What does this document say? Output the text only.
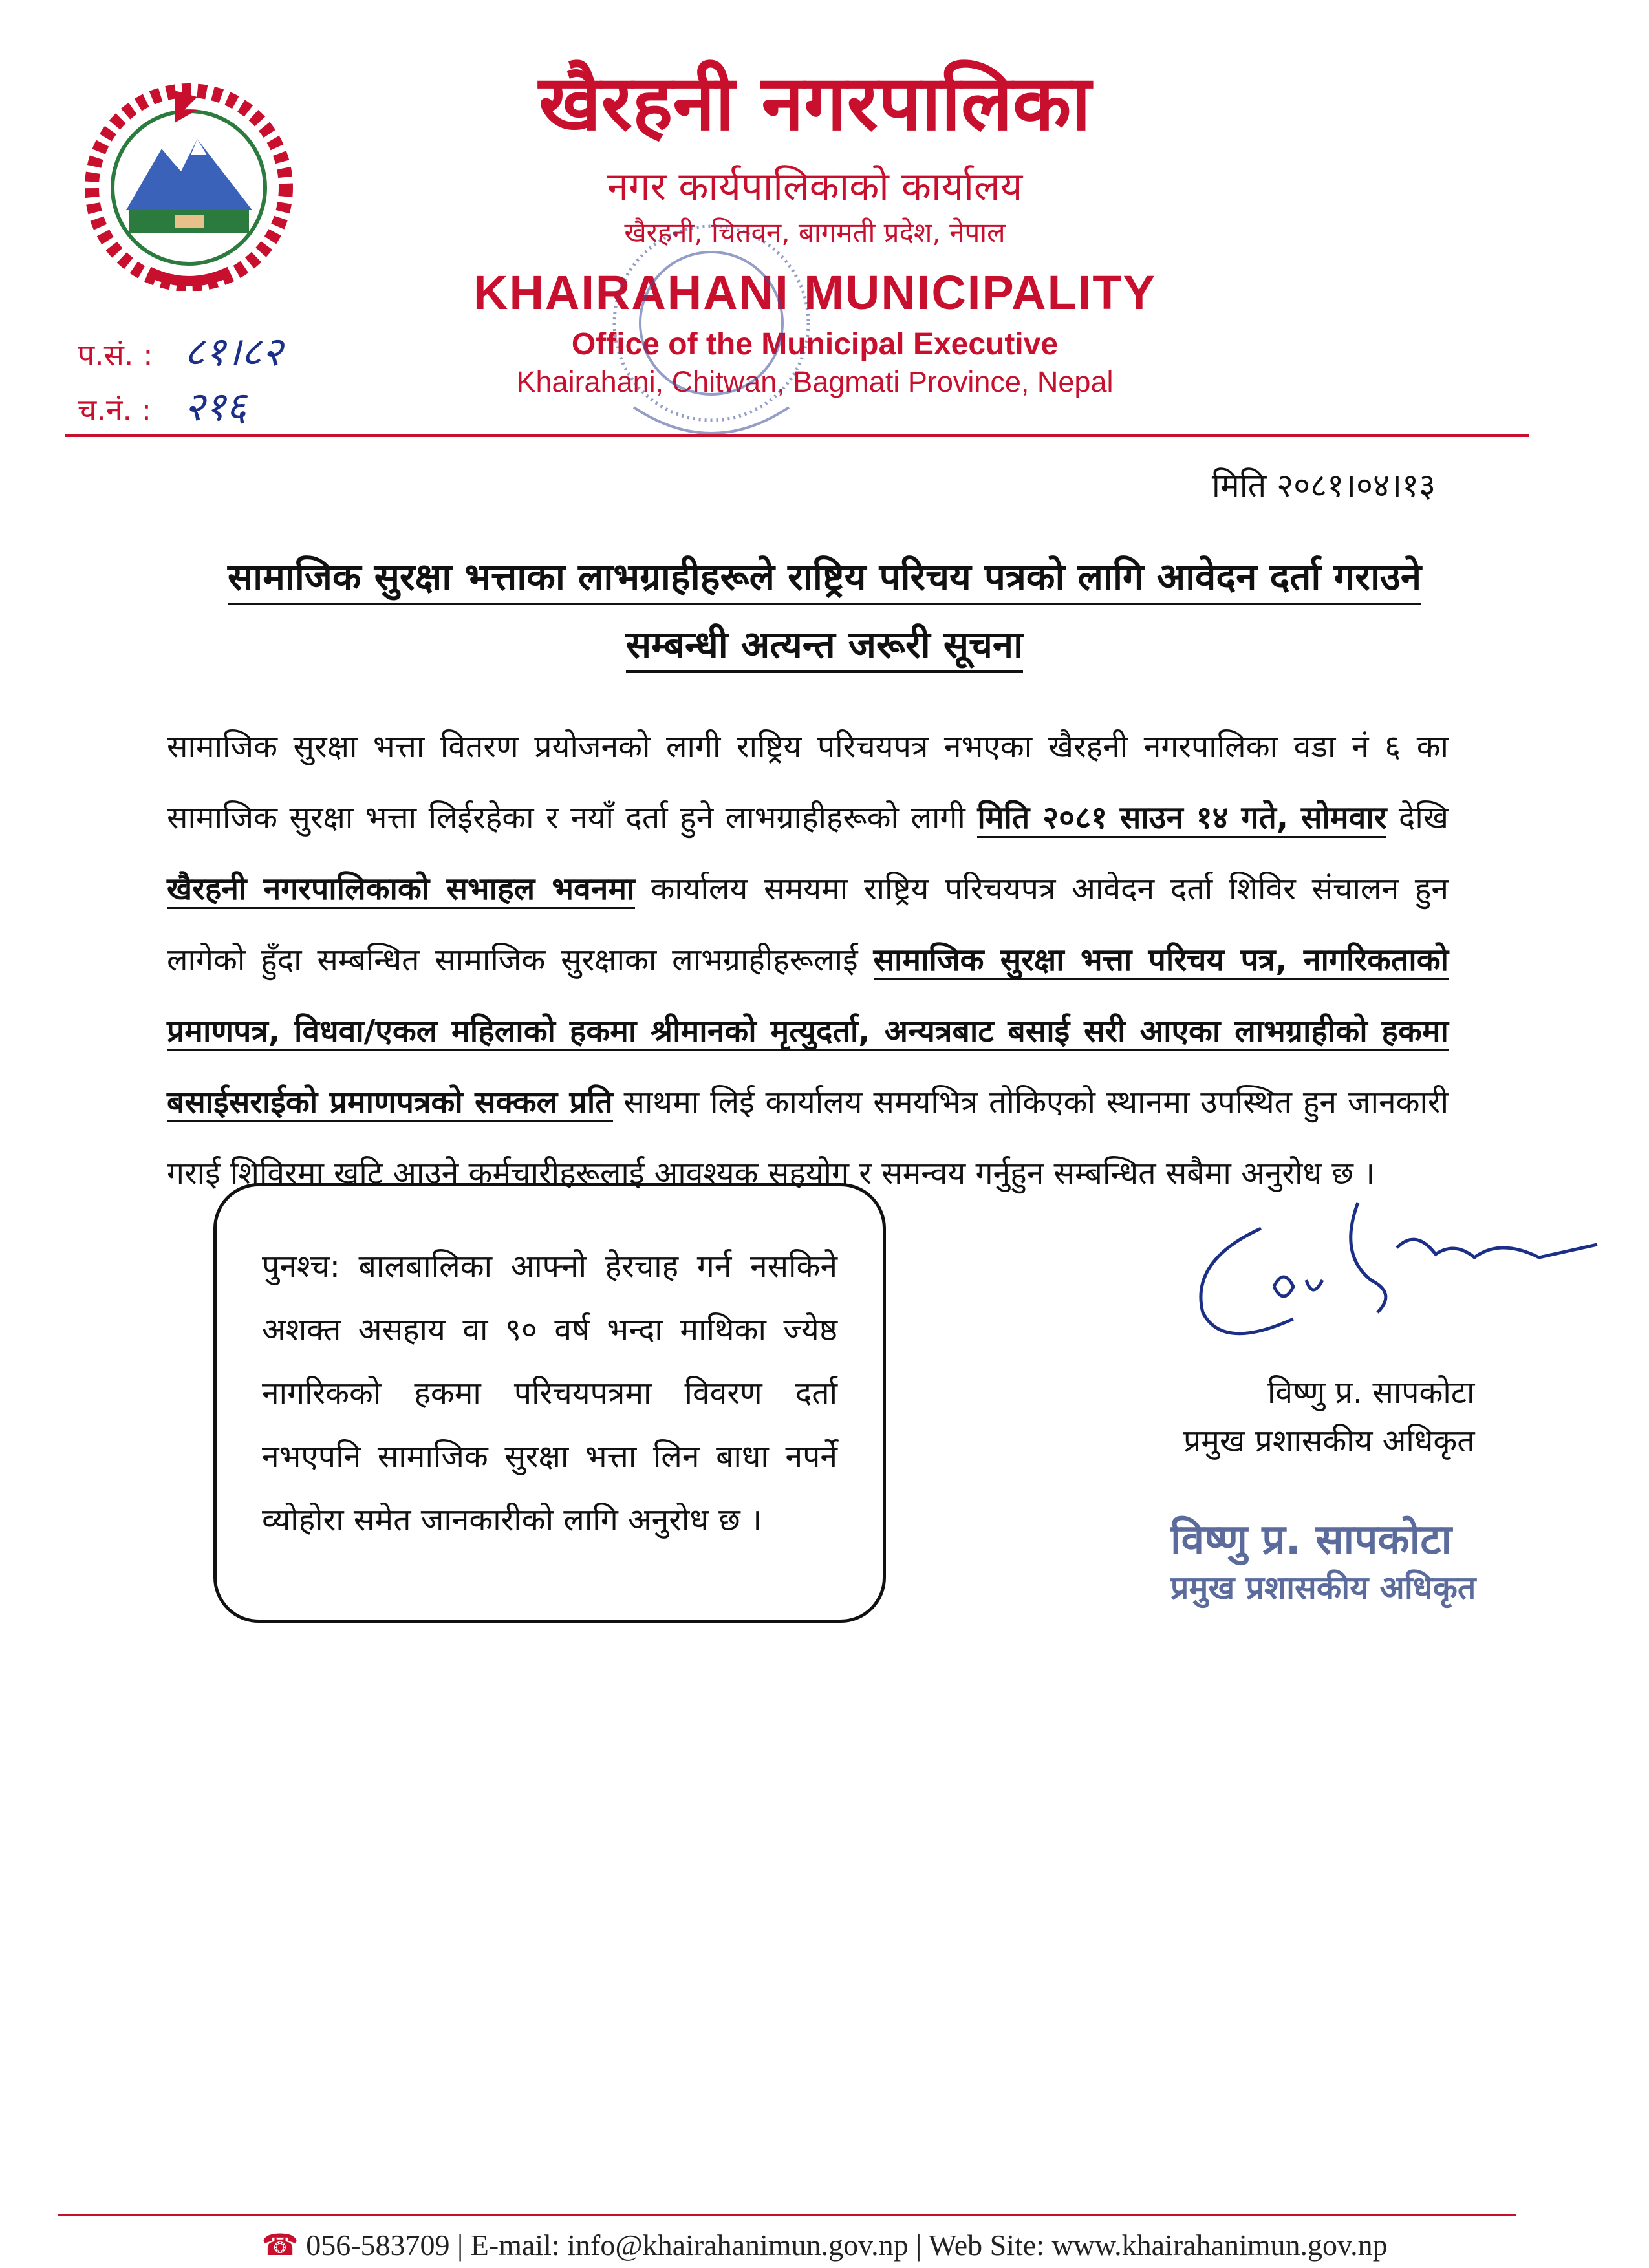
खैरहनी नगरपालिका
नगर कार्यपालिकाको कार्यालय
खैरहनी, चितवन, बागमती प्रदेश, नेपाल
KHAIRAHANI MUNICIPALITY
Office of the Municipal Executive
Khairahani, Chitwan, Bagmati Province, Nepal
प.सं. : ८१।८२
च.नं. : २१६
मिति २०८१।०४।१३
सामाजिक सुरक्षा भत्ताका लाभग्राहीहरूले राष्ट्रिय परिचय पत्रको लागि आवेदन दर्ता गराउने
सम्बन्धी अत्यन्त जरूरी सूचना
सामाजिक सुरक्षा भत्ता वितरण प्रयोजनको लागी राष्ट्रिय परिचयपत्र नभएका खैरहनी नगरपालिका वडा नं ६ का सामाजिक सुरक्षा भत्ता लिईरहेका र नयाँ दर्ता हुने लाभग्राहीहरूको लागी मिति २०८१ साउन १४ गते, सोमवार देखि खैरहनी नगरपालिकाको सभाहल भवनमा कार्यालय समयमा राष्ट्रिय परिचयपत्र आवेदन दर्ता शिविर संचालन हुन लागेको हुँदा सम्बन्धित सामाजिक सुरक्षाका लाभग्राहीहरूलाई सामाजिक सुरक्षा भत्ता परिचय पत्र, नागरिकताको प्रमाणपत्र, विधवा/एकल महिलाको हकमा श्रीमानको मृत्युदर्ता, अन्यत्रबाट बसाई सरी आएका लाभग्राहीको हकमा बसाईसराईको प्रमाणपत्रको सक्कल प्रति साथमा लिई कार्यालय समयभित्र तोकिएको स्थानमा उपस्थित हुन जानकारी गराई शिविरमा खटि आउने कर्मचारीहरूलाई आवश्यक सहयोग र समन्वय गर्नुहुन सम्बन्धित सबैमा अनुरोध छ ।
पुनश्च: बालबालिका आफ्नो हेरचाह गर्न नसकिने अशक्त असहाय वा ९० वर्ष भन्दा माथिका ज्येष्ठ नागरिकको हकमा परिचयपत्रमा विवरण दर्ता नभएपनि सामाजिक सुरक्षा भत्ता लिन बाधा नपर्ने व्योहोरा समेत जानकारीको लागि अनुरोध छ ।
विष्णु प्र. सापकोटा
प्रमुख प्रशासकीय अधिकृत
विष्णु प्र. सापकोटा
प्रमुख प्रशासकीय अधिकृत
☎ 056-583709 | E-mail: info@khairahanimun.gov.np | Web Site: www.khairahanimun.gov.np
